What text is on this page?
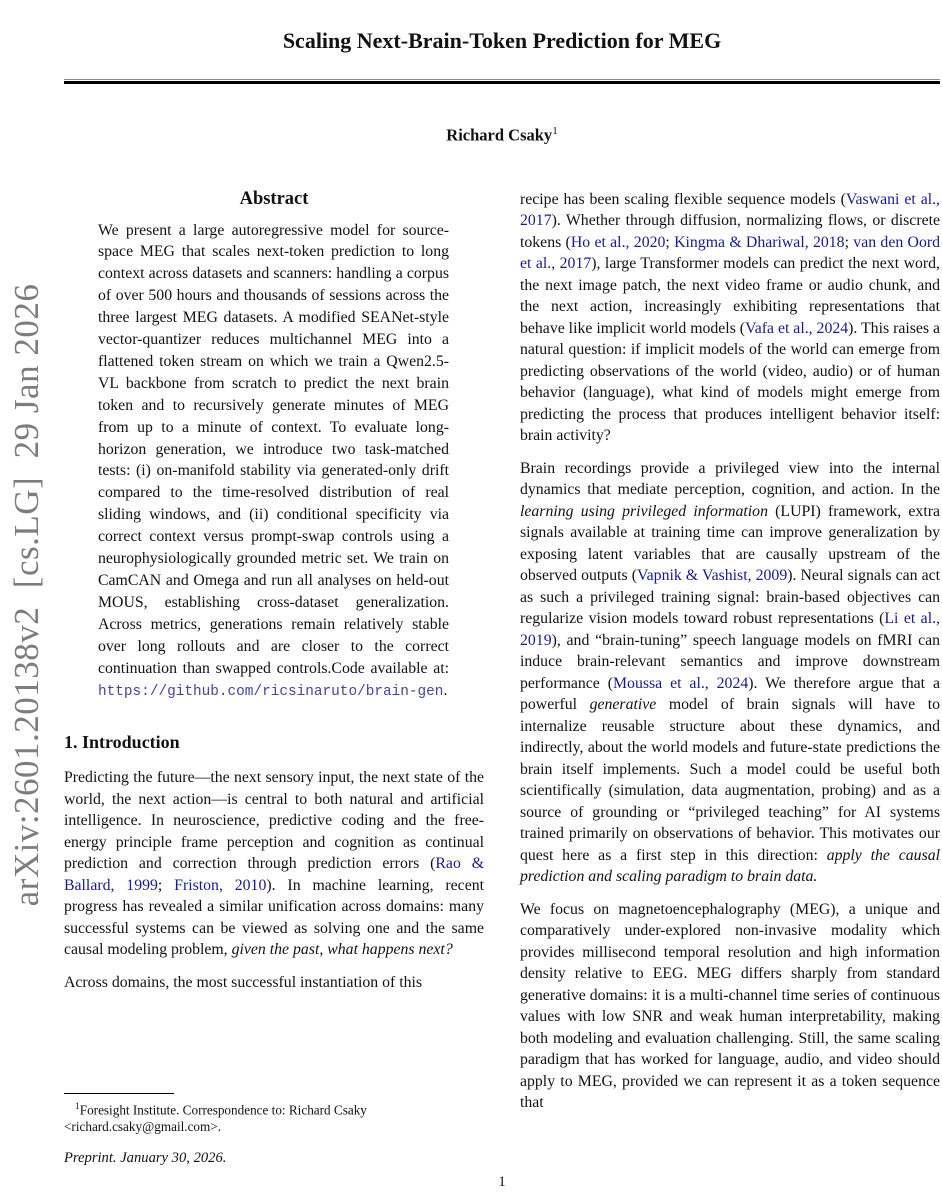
arXiv:2601.20138v2  [cs.LG]  29 Jan 2026
Scaling Next-Brain-Token Prediction for MEG
Richard Csaky$^1$
Abstract

We present a large autoregressive model for source-space MEG that scales next-token prediction to long context across datasets and scanners: handling a corpus of over 500 hours and thousands of sessions across the three largest MEG datasets. A modified SEANet-style vector-quantizer reduces multichannel MEG into a flattened token stream on which we train a Qwen2.5-VL backbone from scratch to predict the next brain token and to recursively generate minutes of MEG from up to a minute of context. To evaluate long-horizon generation, we introduce two task-matched tests: (i) on-manifold stability via generated-only drift compared to the time-resolved distribution of real sliding windows, and (ii) conditional specificity via correct context versus prompt-swap controls using a neurophysiologically grounded metric set. We train on CamCAN and Omega and run all analyses on held-out MOUS, establishing cross-dataset generalization. Across metrics, generations remain relatively stable over long rollouts and are closer to the correct continuation than swapped controls.Code available at: https://github.com/ricsinaruto/brain-gen.

1. Introduction

Predicting the future—the next sensory input, the next state of the world, the next action—is central to both natural and artificial intelligence. In neuroscience, predictive coding and the free-energy principle frame perception and cognition as continual prediction and correction through prediction errors (Rao & Ballard, 1999; Friston, 2010). In machine learning, recent progress has revealed a similar unification across domains: many successful systems can be viewed as solving one and the same causal modeling problem, given the past, what happens next?

Across domains, the most successful instantiation of this

$^1$Foresight Institute. Correspondence to: Richard Csaky <richard.csaky@gmail.com>.

Preprint. January 30, 2026.

recipe has been scaling flexible sequence models (Vaswani et al., 2017). Whether through diffusion, normalizing flows, or discrete tokens (Ho et al., 2020; Kingma & Dhariwal, 2018; van den Oord et al., 2017), large Transformer models can predict the next word, the next image patch, the next video frame or audio chunk, and the next action, increasingly exhibiting representations that behave like implicit world models (Vafa et al., 2024). This raises a natural question: if implicit models of the world can emerge from predicting observations of the world (video, audio) or of human behavior (language), what kind of models might emerge from predicting the process that produces intelligent behavior itself: brain activity?

Brain recordings provide a privileged view into the internal dynamics that mediate perception, cognition, and action. In the learning using privileged information (LUPI) framework, extra signals available at training time can improve generalization by exposing latent variables that are causally upstream of the observed outputs (Vapnik & Vashist, 2009). Neural signals can act as such a privileged training signal: brain-based objectives can regularize vision models toward robust representations (Li et al., 2019), and “brain-tuning” speech language models on fMRI can induce brain-relevant semantics and improve downstream performance (Moussa et al., 2024). We therefore argue that a powerful generative model of brain signals will have to internalize reusable structure about these dynamics, and indirectly, about the world models and future-state predictions the brain itself implements. Such a model could be useful both scientifically (simulation, data augmentation, probing) and as a source of grounding or “privileged teaching” for AI systems trained primarily on observations of behavior. This motivates our quest here as a first step in this direction: apply the causal prediction and scaling paradigm to brain data.

We focus on magnetoencephalography (MEG), a unique and comparatively under-explored non-invasive modality which provides millisecond temporal resolution and high information density relative to EEG. MEG differs sharply from standard generative domains: it is a multi-channel time series of continuous values with low SNR and weak human interpretability, making both modeling and evaluation challenging. Still, the same scaling paradigm that has worked for language, audio, and video should apply to MEG, provided we can represent it as a token sequence that

1
